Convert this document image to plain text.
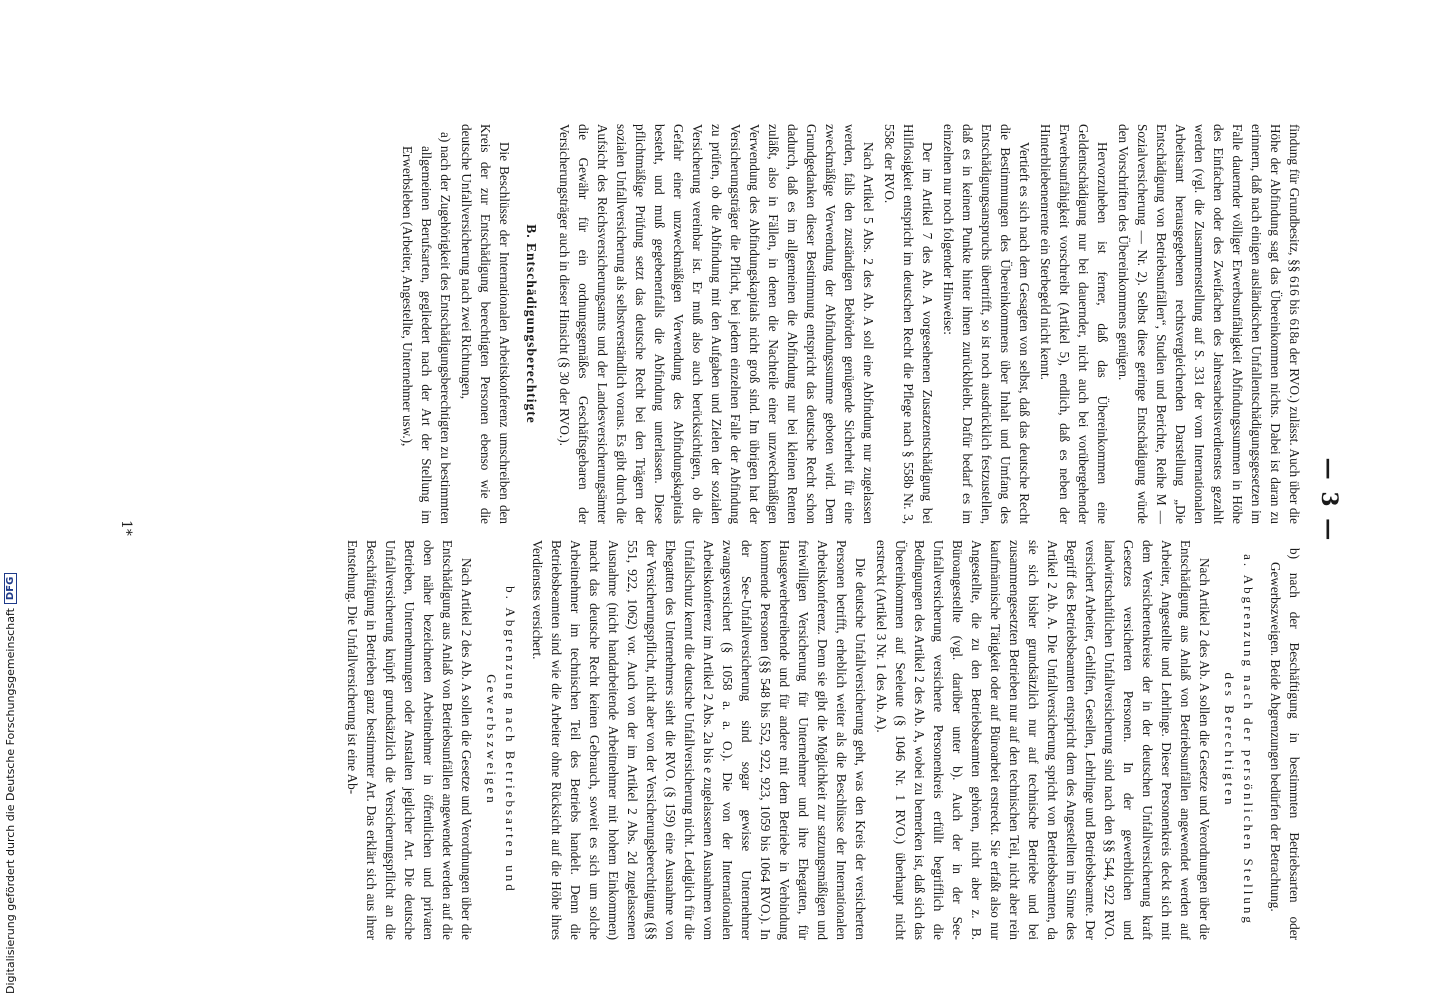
— 3 —

findung für Grundbesitz, §§ 616 bis 618a der RVO.) zulässt. Auch über die Höhe der Abfindung sagt das Übereinkommen nichts. Dabei ist daran zu erinnern, daß nach einigen ausländischen Unfallentschädigungsgesetzen im Falle dauernder völliger Erwerbsunfähigkeit Abfindungssummen in Höhe des Einfachen oder des Zweifachen des Jahresarbeitsverdienstes gezahlt werden (vgl. die Zusammenstellung auf S. 331 der vom Internationalen Arbeitsamt herausgegebenen rechtsvergleichenden Darstellung „Die Entschädigung von Betriebsunfällen“, Studien und Berichte, Reihe M — Sozialversicherung — Nr. 2). Selbst diese geringe Entschädigung würde den Vorschriften des Übereinkommens genügen.

Hervorzuheben ist ferner, daß das Übereinkommen eine Geldentschädigung nur bei dauernder, nicht auch bei vorübergehender Erwerbsunfähigkeit vorschreibt (Artikel 5), endlich, daß es neben der Hinterbliebenenrente ein Sterbegeld nicht kennt.

Vertieft es sich nach dem Gesagten von selbst, daß das deutsche Recht die Bestimmungen des Übereinkommens über Inhalt und Umfang des Entschädigungsanspruchs übertrifft, so ist noch ausdrücklich festzustellen, daß es in keinem Punkte hinter ihnen zurückbleibt. Dafür bedarf es im einzelnen nur noch folgender Hinweise:

Der im Artikel 7 des Ab. A vorgesehenen Zusatzentschädigung bei Hilflosigkeit entspricht im deutschen Recht die Pflege nach § 558b Nr. 3, 558c der RVO.

Nach Artikel 5 Abs. 2 des Ab. A soll eine Abfindung nur zugelassen werden, falls den zuständigen Behörden genügende Sicherheit für eine zweckmäßige Verwendung der Abfindungssumme geboten wird. Dem Grundgedanken dieser Bestimmung entspricht das deutsche Recht schon dadurch, daß es im allgemeinen die Abfindung nur bei kleinen Renten zuläßt, also in Fällen, in denen die Nachteile einer unzweckmäßigen Verwendung des Abfindungskapitals nicht groß sind. Im übrigen hat der Versicherungsträger die Pflicht, bei jedem einzelnen Falle der Abfindung zu prüfen, ob die Abfindung mit den Aufgaben und Zielen der sozialen Versicherung vereinbar ist. Er muß also auch berücksichtigen, ob die Gefahr einer unzweckmäßigen Verwendung des Abfindungskapitals besteht, und muß gegebenenfalls die Abfindung unterlassen. Diese pflichtmäßige Prüfung setzt das deutsche Recht bei den Trägern der sozialen Unfallversicherung als selbstverständlich voraus. Es gibt durch die Aufsicht des Reichsversicherungsamts und der Landesversicherungsämter die Gewähr für ein ordnungsgemäßes Geschäftsgebaren der Versicherungsträger auch in dieser Hinsicht (§ 30 der RVO.).

B. Entschädigungsberechtigte

Die Beschlüsse der Internationalen Arbeitskonferenz umschreiben den Kreis der zur Entschädigung berechtigten Personen ebenso wie die deutsche Unfallversicherung nach zwei Richtungen,

a) nach der Zugehörigkeit des Entschädigungsberechtigten zu bestimmten allgemeinen Berufsarten, gegliedert nach der Art der Stellung im Erwerbsleben (Arbeiter, Angestellte, Unternehmer usw.),
b) nach der Beschäftigung in bestimmten Betriebsarten oder Gewerbszweigen. Beide Abgrenzungen bedürfen der Betrachtung.
a. Abgrenzung nach der persönlichen Stellung des Berechtigten

Nach Artikel 2 des Ab. A sollen die Gesetze und Verordnungen über die Entschädigung aus Anlaß von Betriebsunfällen angewendet werden auf Arbeiter, Angestellte und Lehrlinge. Dieser Personenkreis deckt sich mit dem Versichertenkreise der in der deutschen Unfallversicherung kraft Gesetzes versicherten Personen. In der gewerblichen und landwirtschaftlichen Unfallversicherung sind nach den §§ 544, 922 RVO. versichert Arbeiter, Gehilfen, Gesellen, Lehrlinge und Betriebsbeamte. Der Begriff des Betriebsbeamten entspricht dem des Angestellten im Sinne des Artikel 2 Ab. A. Die Unfallversicherung spricht von Betriebsbeamten, da sie sich bisher grundsätzlich nur auf technische Betriebe und bei zusammengesetzten Betrieben nur auf den technischen Teil, nicht aber rein kaufmännische Tätigkeit oder auf Büroarbeit erstreckt. Sie erfaßt also nur Angestellte, die zu den Betriebsbeamten gehören, nicht aber z. B. Büroangestellte (vgl. darüber unter b). Auch der in der See-Unfallversicherung versicherte Personenkreis erfüllt begrifflich die Bedingungen des Artikel 2 des Ab. A, wobei zu bemerken ist, daß sich das Übereinkommen auf Seeleute (§ 1046 Nr. 1 RVO.) überhaupt nicht erstreckt (Artikel 3 Nr. 1 des Ab. A).

Die deutsche Unfallversicherung geht, was den Kreis der versicherten Personen betrifft, erheblich weiter als die Beschlüsse der Internationalen Arbeitskonferenz. Denn sie gibt die Möglichkeit zur satzungsmäßigen und freiwilligen Versicherung für Unternehmer und ihre Ehegatten, für Hausgewerbetreibende und für andere mit dem Betriebe in Verbindung kommende Personen (§§ 548 bis 552, 922, 923, 1059 bis 1064 RVO.). In der See-Unfallversicherung sind sogar gewisse Unternehmer zwangsversichert (§ 1058 a. a. O.). Die von der Internationalen Arbeitskonferenz im Artikel 2 Abs. 2a bis e zugelassenen Ausnahmen vom Unfallschutz kennt die deutsche Unfallversicherung nicht. Lediglich für die Ehegatten des Unternehmers sieht die RVO. (§ 159) eine Ausnahme von der Versicherungspflicht, nicht aber von der Versicherungsberechtigung (§§ 551, 922, 1062) vor. Auch von der im Artikel 2 Abs. 2d zugelassenen Ausnahme (nicht handarbeitende Arbeitnehmer mit hohem Einkommen) macht das deutsche Recht keinen Gebrauch, soweit es sich um solche Arbeitnehmer im technischen Teil des Betriebs handelt. Denn die Betriebsbeamten sind wie die Arbeiter ohne Rücksicht auf die Höhe ihres Verdienstes versichert.

b. Abgrenzung nach Betriebsarten und Gewerbszweigen

Nach Artikel 2 des Ab. A sollen die Gesetze und Verordnungen über die Entschädigung aus Anlaß von Betriebsunfällen angewendet werden auf die oben näher bezeichneten Arbeitnehmer in öffentlichen und privaten Betrieben, Unternehmungen oder Anstalten jeglicher Art. Die deutsche Unfallversicherung knüpft grundsätzlich die Versicherungspflicht an die Beschäftigung in Betrieben ganz bestimmter Art. Das erklärt sich aus ihrer Entstehung. Die Unfallversicherung ist eine Ab-

1*
Digitalisierung gefördert durch die Deutsche Forschungsgemeinschaft
DFG
